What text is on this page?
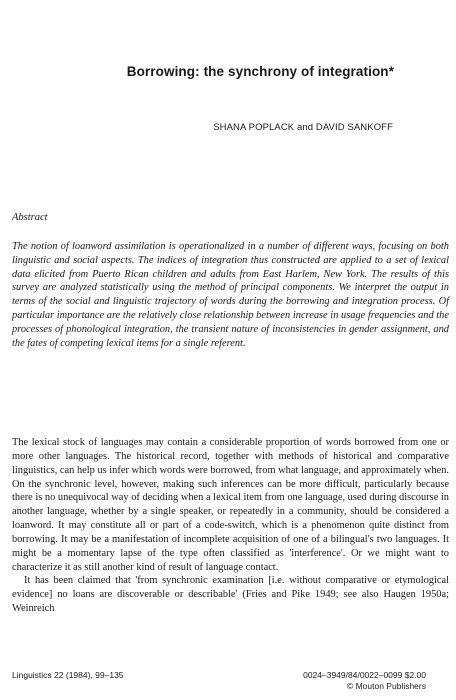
Borrowing: the synchrony of integration*
SHANA POPLACK and DAVID SANKOFF
Abstract
The notion of loanword assimilation is operationalized in a number of different ways, focusing on both linguistic and social aspects. The indices of integration thus constructed are applied to a set of lexical data elicited from Puerto Rican children and adults from East Harlem, New York. The results of this survey are analyzed statistically using the method of principal components. We interpret the output in terms of the social and linguistic trajectory of words during the borrowing and integration process. Of particular importance are the relatively close relationship between increase in usage frequencies and the processes of phonological integration, the transient nature of inconsistencies in gender assignment, and the fates of competing lexical items for a single referent.

The lexical stock of languages may contain a considerable proportion of words borrowed from one or more other languages. The historical record, together with methods of historical and comparative linguistics, can help us infer which words were borrowed, from what language, and approximately when. On the synchronic level, however, making such inferences can be more difficult, particularly because there is no unequivocal way of deciding when a lexical item from one language, used during discourse in another language, whether by a single speaker, or repeatedly in a community, should be considered a loanword. It may constitute all or part of a code-switch, which is a phenomenon quite distinct from borrowing. It may be a manifestation of incomplete acquisition of one of a bilingual's two languages. It might be a momentary lapse of the type often classified as 'interference'. Or we might want to characterize it as still another kind of result of language contact.

It has been claimed that 'from synchronic examination [i.e. without comparative or etymological evidence] no loans are discoverable or describable' (Fries and Pike 1949; see also Haugen 1950a; Weinreich

Linguistics 22 (1984), 99–135	0024–3949/84/0022–0099 $2.00
© Mouton Publishers
